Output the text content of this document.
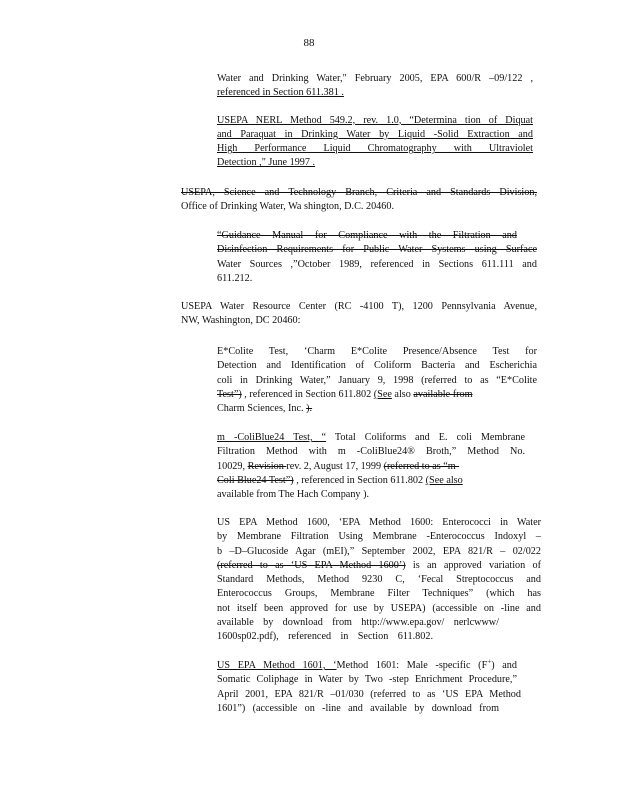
88
Water and Drinking Water," February 2005, EPA 600/R –09/122 ,
referenced in Section 611.381 .
USEPA NERL Method 549.2, rev. 1.0, “Determina tion of Diquat
and Paraquat in Drinking Water by Liquid -Solid Extraction and
High Performance Liquid Chromatography with Ultraviolet
Detection ," June 1997 .
USEPA, Science and Technology Branch, Criteria and Standards Division,
Office of Drinking Water, Wa shington, D.C. 20460.
“Guidance Manual for Compliance with the Filtration and
Disinfection Requirements for Public Water Systems using Surface
Water Sources ,”October 1989, referenced in Sections 611.111 and
611.212.
USEPA Water Resource Center (RC -4100 T), 1200 Pennsylvania Avenue,
NW, Washington, DC 20460:
E*Colite Test, ‘Charm E*Colite Presence/Absence Test for
Detection and Identification of Coliform Bacteria and Escherichia
coli in Drinking Water,” January 9, 1998 (referred to as “E*Colite
Test”) , referenced in Section 611.802 (See also available from
Charm Sciences, Inc. ).
m -ColiBlue24 Test, “ Total Coliforms and E. coli Membrane
Filtration Method with m -ColiBlue24® Broth,” Method No.
10029, Revision rev. 2, August 17, 1999 (referred to as “m-
Coli Blue24 Test”) , referenced in Section 611.802 (See also
available from The Hach Company ).
US EPA Method 1600, ‘EPA Method 1600: Enterococci in Water
by Membrane Filtration Using Membrane -Enterococcus Indoxyl –
b –D–Glucoside Agar (mEI),” September 2002, EPA 821/R – 02/022
(referred to as ‘US EPA Method 1600’) is an approved variation of
Standard Methods, Method 9230 C, ‘Fecal Streptococcus and
Enterococcus Groups, Membrane Filter Techniques” (which has
not itself been approved for use by USEPA) (accessible on -line and
available by download from http://www.epa.gov/ nerlcwww/
1600sp02.pdf), referenced in Section 611.802.
US EPA Method 1601, ‘Method 1601: Male -specific (F+) and
Somatic Coliphage in Water by Two -step Enrichment Procedure,”
April 2001, EPA 821/R –01/030 (referred to as ‘US EPA Method
1601”) (accessible on -line and available by download from
